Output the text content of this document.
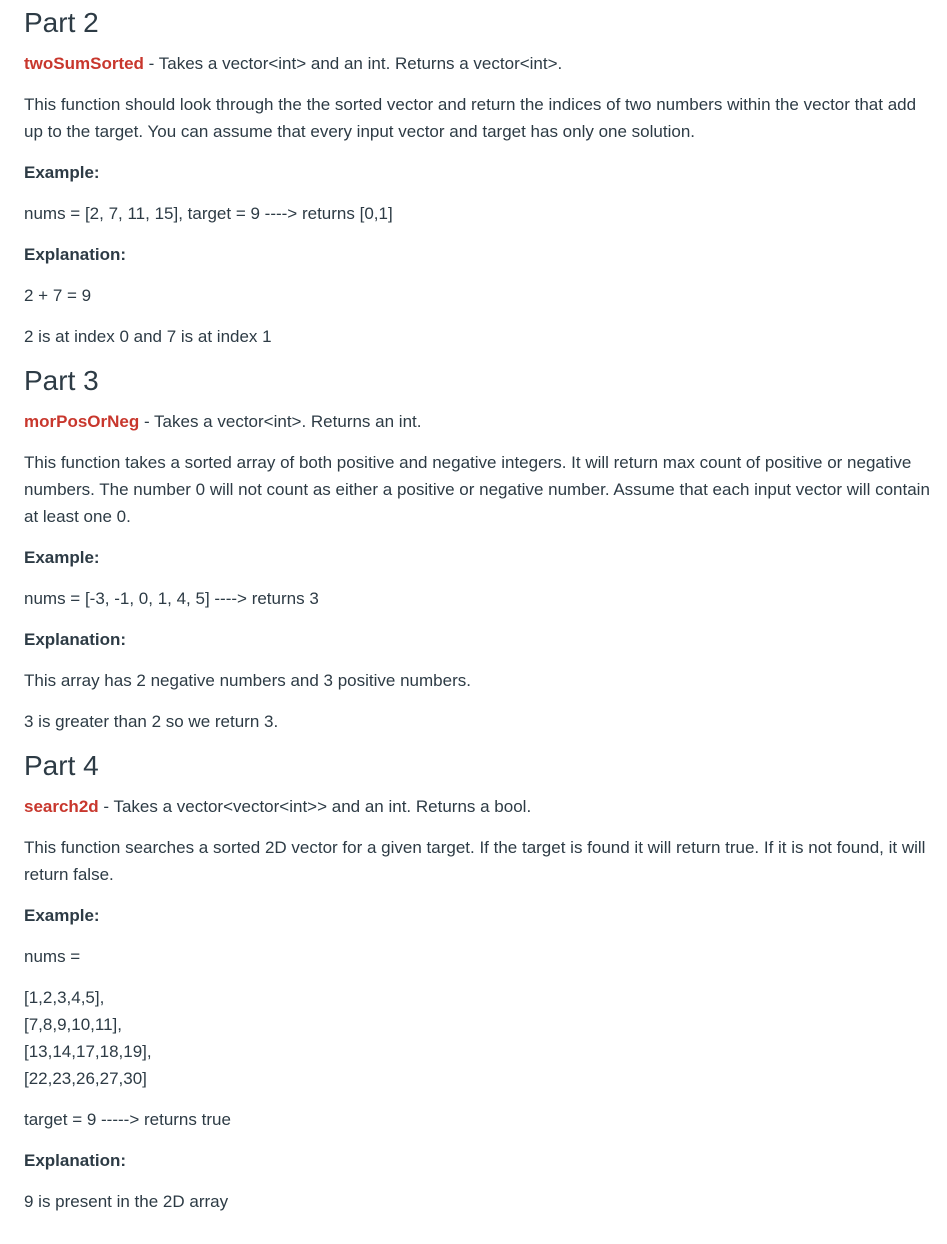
Part 2

twoSumSorted - Takes a vector<int> and an int. Returns a vector<int>.

This function should look through the the sorted vector and return the indices of two numbers within the vector that add up to the target. You can assume that every input vector and target has only one solution.

Example:

nums = [2, 7, 11, 15], target = 9 ----> returns [0,1]

Explanation:

2 + 7 = 9

2 is at index 0 and 7 is at index 1

Part 3

morPosOrNeg - Takes a vector<int>. Returns an int.

This function takes a sorted array of both positive and negative integers. It will return max count of positive or negative numbers. The number 0 will not count as either a positive or negative number. Assume that each input vector will contain at least one 0.

Example:

nums = [-3, -1, 0, 1, 4, 5] ----> returns 3

Explanation:

This array has 2 negative numbers and 3 positive numbers.

3 is greater than 2 so we return 3.

Part 4

search2d - Takes a vector<vector<int>> and an int. Returns a bool.

This function searches a sorted 2D vector for a given target. If the target is found it will return true. If it is not found, it will return false.

Example:

nums =

[1,2,3,4,5],

[7,8,9,10,11],

[13,14,17,18,19],

[22,23,26,27,30]

target = 9 -----> returns true

Explanation:

9 is present in the 2D array
